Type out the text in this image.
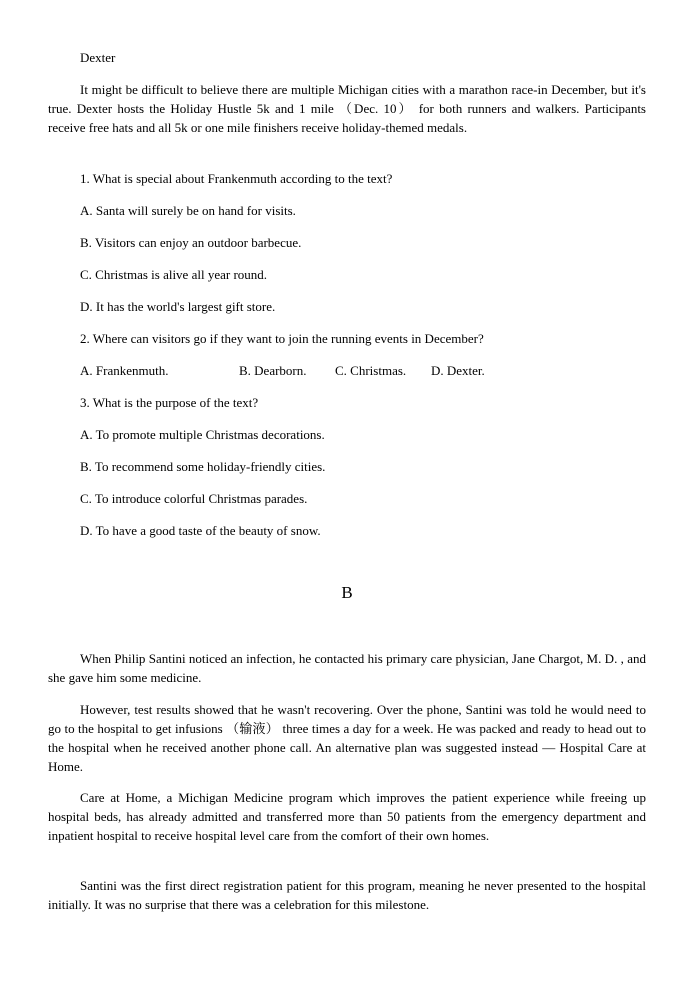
Dexter

It might be difficult to believe there are multiple Michigan cities with a marathon race-in December, but it's true. Dexter hosts the Holiday Hustle 5k and 1 mile （Dec. 10） for both runners and walkers. Participants receive free hats and all 5k or one mile finishers receive holiday-themed medals.

1. What is special about Frankenmuth according to the text?

A. Santa will surely be on hand for visits.

B. Visitors can enjoy an outdoor barbecue.

C. Christmas is alive all year round.

D. It has the world's largest gift store.

2. Where can visitors go if they want to join the running events in December?

A. Frankenmuth.	B. Dearborn. C. Christmas. D. Dexter.

3. What is the purpose of the text?

A. To promote multiple Christmas decorations.

B. To recommend some holiday-friendly cities.

C. To introduce colorful Christmas parades.

D. To have a good taste of the beauty of snow.

B

When Philip Santini noticed an infection, he contacted his primary care physician, Jane Chargot, M. D. , and she gave him some medicine.

However, test results showed that he wasn't recovering. Over the phone, Santini was told he would need to go to the hospital to get infusions （输液） three times a day for a week. He was packed and ready to head out to the hospital when he received another phone call. An alternative plan was suggested instead — Hospital Care at Home.

Care at Home, a Michigan Medicine program which improves the patient experience while freeing up hospital beds, has already admitted and transferred more than 50 patients from the emergency department and inpatient hospital to receive hospital level care from the comfort of their own homes.

Santini was the first direct registration patient for this program, meaning he never presented to the hospital initially. It was no surprise that there was a celebration for this milestone.
